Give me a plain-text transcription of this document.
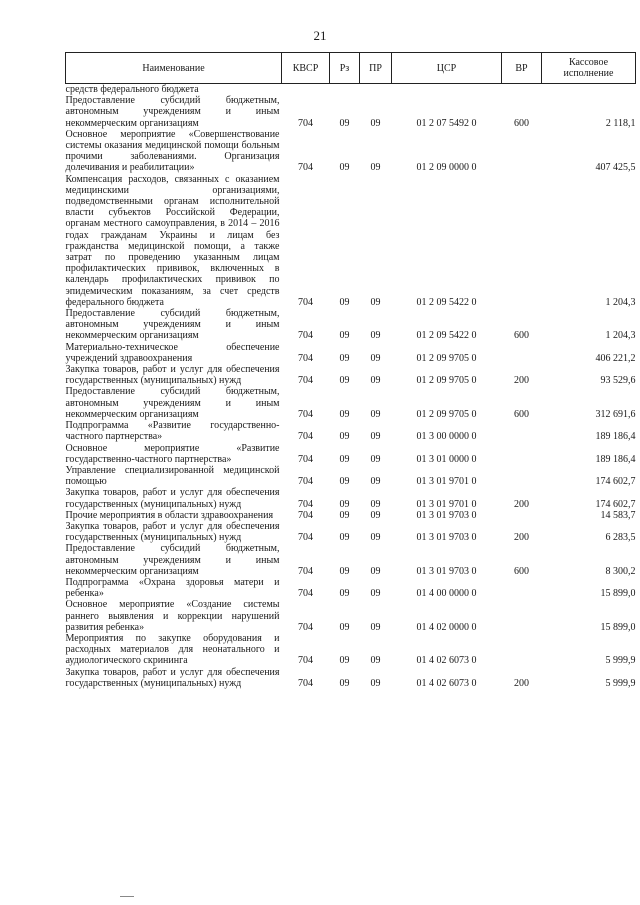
21
Наименование	КВСР	Рз	ПР	ЦСР	ВР	Кассовое исполнение
средств федерального бюджета						
Предоставление субсидий бюджетным, автономным учреждениям и иным некоммерческим организациям	704	09	09	01 2 07 5492 0	600	2 118,1
Основное мероприятие «Совершенствование системы оказания медицинской помощи больным прочими заболеваниями. Организация долечивания и реабилитации»	704	09	09	01 2 09 0000 0		407 425,5
Компенсация расходов, связанных с оказанием медицинскими организациями, подведомственными органам исполнительной власти субъектов Российской Федерации, органам местного самоуправления, в 2014 – 2016 годах гражданам Украины и лицам без гражданства медицинской помощи, а также затрат по проведению указанным лицам профилактических прививок, включенных в календарь профилактических прививок по эпидемическим показаниям, за счет средств федерального бюджета	704	09	09	01 2 09 5422 0		1 204,3
Предоставление субсидий бюджетным, автономным учреждениям и иным некоммерческим организациям	704	09	09	01 2 09 5422 0	600	1 204,3
Материально-техническое обеспечение учреждений здравоохранения	704	09	09	01 2 09 9705 0		406 221,2
Закупка товаров, работ и услуг для обеспечения государственных (муниципальных) нужд	704	09	09	01 2 09 9705 0	200	93 529,6
Предоставление субсидий бюджетным, автономным учреждениям и иным некоммерческим организациям	704	09	09	01 2 09 9705 0	600	312 691,6
Подпрограмма «Развитие государственно-частного партнерства»	704	09	09	01 3 00 0000 0		189 186,4
Основное мероприятие «Развитие государственно-частного партнерства»	704	09	09	01 3 01 0000 0		189 186,4
Управление специализированной медицинской помощью	704	09	09	01 3 01 9701 0		174 602,7
Закупка товаров, работ и услуг для обеспечения государственных (муниципальных) нужд	704	09	09	01 3 01 9701 0	200	174 602,7
Прочие мероприятия в области здравоохранения	704	09	09	01 3 01 9703 0		14 583,7
Закупка товаров, работ и услуг для обеспечения государственных (муниципальных) нужд	704	09	09	01 3 01 9703 0	200	6 283,5
Предоставление субсидий бюджетным, автономным учреждениям и иным некоммерческим организациям	704	09	09	01 3 01 9703 0	600	8 300,2
Подпрограмма «Охрана здоровья матери и ребенка»	704	09	09	01 4 00 0000 0		15 899,0
Основное мероприятие «Создание системы раннего выявления и коррекции нарушений развития ребенка»	704	09	09	01 4 02 0000 0		15 899,0
Мероприятия по закупке оборудования и расходных материалов для неонатального и аудиологического скрининга	704	09	09	01 4 02 6073 0		5 999,9
Закупка товаров, работ и услуг для обеспечения государственных (муниципальных) нужд	704	09	09	01 4 02 6073 0	200	5 999,9
